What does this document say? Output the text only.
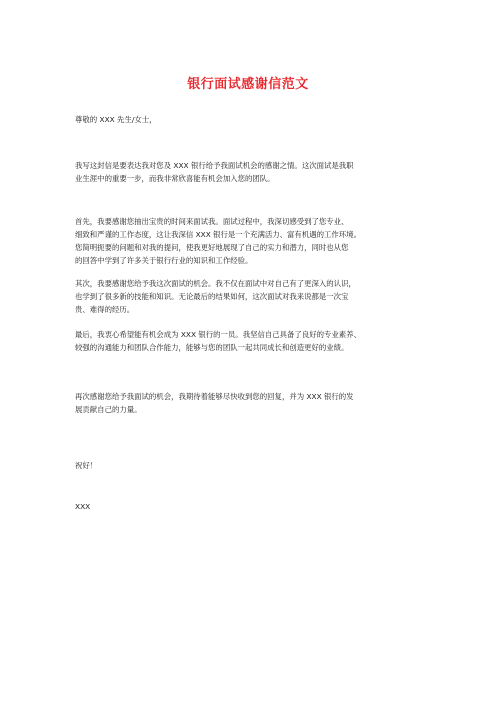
银行面试感谢信范文

尊敬的 XXX 先生/女士，

我写这封信是要表达我对您及 XXX 银行给予我面试机会的感谢之情。这次面试是我职
业生涯中的重要一步，而我非常欣喜能有机会加入您的团队。

首先，我要感谢您抽出宝贵的时间来面试我。面试过程中，我深切感受到了您专业、
细致和严谨的工作态度，这让我深信 XXX 银行是一个充满活力、富有机遇的工作环境。
您简明扼要的问题和对我的提问，使我更好地展现了自己的实力和潜力，同时也从您
的回答中学到了许多关于银行行业的知识和工作经验。

其次，我要感谢您给予我这次面试的机会。我不仅在面试中对自己有了更深入的认识，
也学到了很多新的技能和知识。无论最后的结果如何，这次面试对我来说都是一次宝
贵、难得的经历。

最后，我衷心希望能有机会成为 XXX 银行的一员。我坚信自己具备了良好的专业素养、
较强的沟通能力和团队合作能力，能够与您的团队一起共同成长和创造更好的业绩。

再次感谢您给予我面试的机会，我期待着能够尽快收到您的回复，并为 XXX 银行的发
展贡献自己的力量。

祝好！

XXX
